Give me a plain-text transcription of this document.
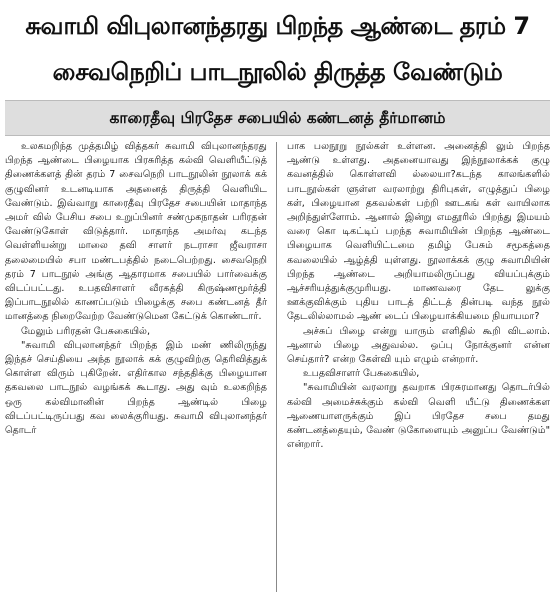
சுவாமி விபுலானந்தரது பிறந்த ஆண்டை தரம் 7
சைவநெறிப் பாடநூலில் திருத்த வேண்டும்
காரைதீவு பிரதேச சபையில் கண்டனத் தீர்மானம்

உலகமறிந்த முத்தமிழ் வித்தகர் சுவாமி விபுலானந்தரது பிறந்த ஆண்டை பிழையாக பிரசுரித்த கல்வி வெளியீட்டுத் திணைக்களத் தின் தரம் 7 சைவநெறி பாடநூலின் நூலாக் கக் குழுவினர் உடனடியாக அதனைத் திருத்தி வெளியிட வேண்டும். இவ்வாறு காரைதீவு பிரதேச சபையின் மாதாந்த அமர் வில் பேசிய சபை உறுப்பினர் சண்முகநாதன் பரிரதன் வேண்டுகோள் விடுத்தார். மாதாந்த அமர்வு கடந்த வெள்ளியன்று மாலை தவி சாளர் நடராசா ஜீவராசா தலைமையில் சபா மண்டபத்தில் நடைபெற்றது. சைவநெறி தரம் 7 பாடநூல் அங்கு ஆதாரமாக சபையில் பார்வைக்கு விடப்பட்டது. உபதவிசாளர் வீரகத்தி கிருஷ்ணமூர்த்தி இப்பாடநூலில் காணப்படும் பிழைக்கு சபை கண்டனத் தீர் மானத்தை நிறைவேற்ற வேண்டுமென கேட்டுக் கொண்டார்.

மேலும் பரிரதன் பேசுகையில்,

"சுவாமி விபுலானந்தர் பிறந்த இம் மண் ணிலிருந்து இந்தச் செய்தியை அந்த நூலாக் கக் குழுவிற்கு தெரிவித்துக் கொள்ள விரும் புகிறேன். எதிர்கால சந்ததிக்கு பிழையான தகவலை பாடநூல் வழங்கக் கூடாது. அது வும் உலகறிந்த ஒரு கல்விமானின் பிறந்த ஆண்டில் பிழை விடப்பட்டிருப்பது கவ லைக்குரியது. சுவாமி விபுலானந்தர் தொடர்

பாக பலநூறு நூல்கள் உள்ளன. அனைத்தி லும் பிறந்த ஆண்டு உள்ளது. அதனையாவது இந்நூலாக்கக் குழு கவனத்தில் கொள்ளவி ல்லையா?கடந்த காலங்களில் பாடநூல்கள் ளுள்ள வரலாற்று திரிபுகள், எழுத்துப் பிழை கள், பிழையான தகவல்கள் பற்றி ஊடகங் கள் வாயிலாக அறிந்துள்ளோம். ஆனால் இன்று எமதூரில் பிறந்து இமயம் வரை கொ டிகட்டிப் பறந்த சுவாமியின் பிறந்த ஆண்டை பிழையாக வெளியிட்டமை தமிழ் பேசும் சமூகத்தை கவலையில் ஆழ்த்தி யுள்ளது. நூலாக்கக் குழு சுவாமியின் பிறந்த ஆண்டை அறியாமலிருப்பது வியப்புக்கும் ஆச்சரியத்துக்குமுரியது. மாணவரை தேட லுக்கு ஊக்குவிக்கும் புதிய பாடத் திட்டத் தின்படி வந்த நூல் தேடலில்லாமல் ஆண் டைப் பிழையாக்கியமை நியாயமா?

அச்சுப் பிழை என்று யாரும் எளிதில் கூறி விடலாம். ஆனால் பிழை அதுவல்ல. ஒப்பு நோக்குனர் என்ன செய்தார்? என்ற கேள்வி யும் எழும் என்றார்.

உபதவிசாளர் பேசுகையில்,

"சுவாமியின் வரலாறு தவறாக பிரசுரமானது தொடர்பில் கல்வி அமைச்சுக்கும் கல்வி வெளி யீட்டு திணைக்கள ஆணையாளருக்கும் இப் பிரதேச சபை தமது கண்டனத்தையும், வேண் டுகோளையும் அனுப்ப வேண்டும்" என்றார்.
